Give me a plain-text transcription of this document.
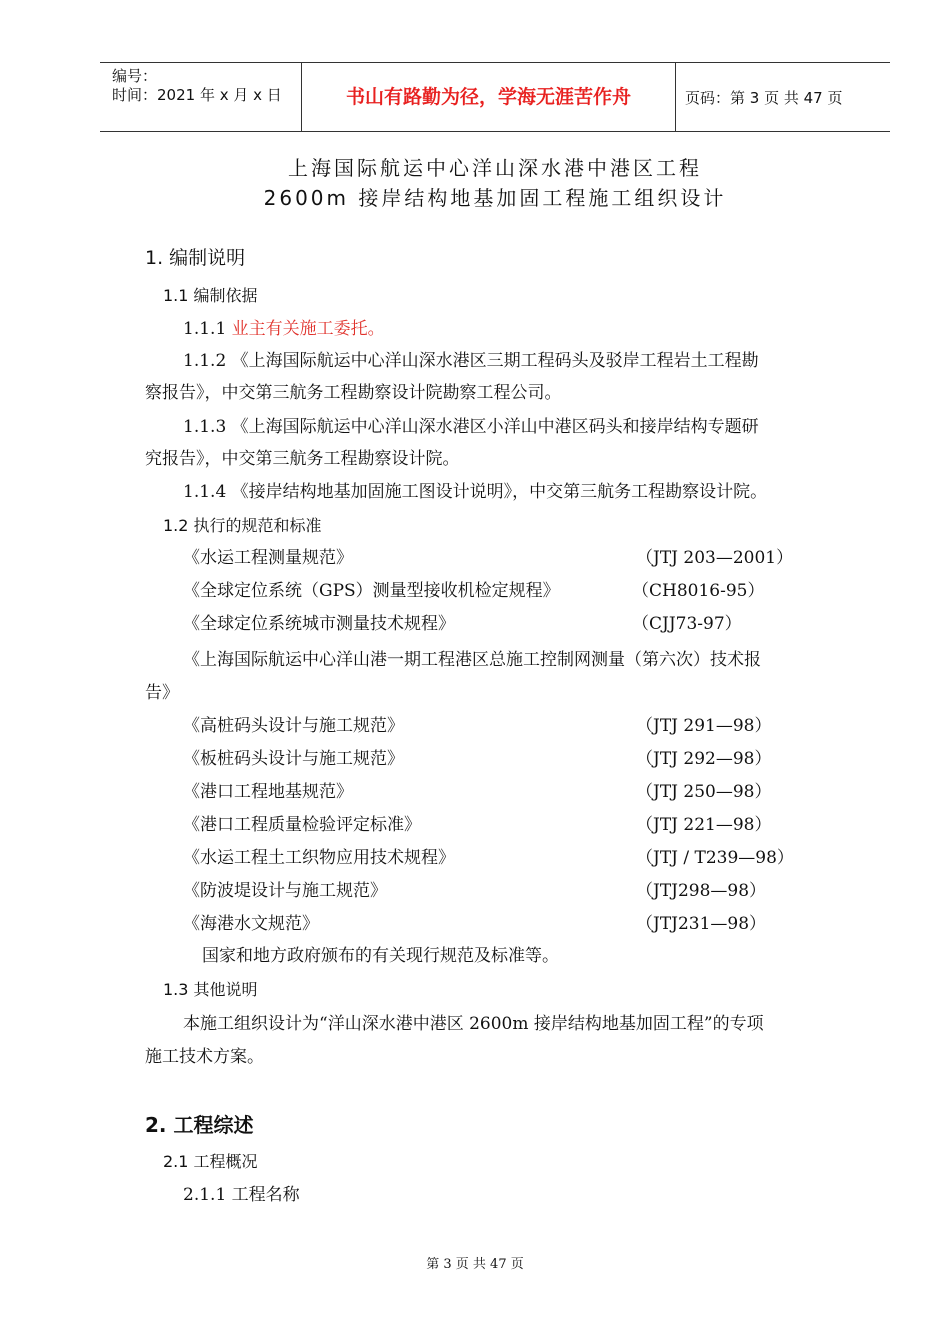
编号：
时间：2021 年 x 月 x 日	书山有路勤为径，学海无涯苦作舟	页码：第 3 页 共 47 页
上海国际航运中心洋山深水港中港区工程
2600m 接岸结构地基加固工程施工组织设计
1. 编制说明
1.1 编制依据
1.1.1 业主有关施工委托。
1.1.2 《上海国际航运中心洋山深水港区三期工程码头及驳岸工程岩土工程勘
察报告》，中交第三航务工程勘察设计院勘察工程公司。
1.1.3 《上海国际航运中心洋山深水港区小洋山中港区码头和接岸结构专题研
究报告》，中交第三航务工程勘察设计院。
1.1.4 《接岸结构地基加固施工图设计说明》，中交第三航务工程勘察设计院。
1.2 执行的规范和标准
《水运工程测量规范》	（JTJ 203—2001）
《全球定位系统（GPS）测量型接收机检定规程》	（CH8016-95）
《全球定位系统城市测量技术规程》	（CJJ73-97）
《上海国际航运中心洋山港一期工程港区总施工控制网测量（第六次）技术报
告》
《高桩码头设计与施工规范》	（JTJ 291—98）
《板桩码头设计与施工规范》	（JTJ 292—98）
《港口工程地基规范》	（JTJ 250—98）
《港口工程质量检验评定标准》	（JTJ 221—98）
《水运工程土工织物应用技术规程》	（JTJ / T239—98）
《防波堤设计与施工规范》	（JTJ298—98）
《海港水文规范》	（JTJ231—98）
国家和地方政府颁布的有关现行规范及标准等。
1.3 其他说明
本施工组织设计为“洋山深水港中港区 2600m 接岸结构地基加固工程”的专项
施工技术方案。
2. 工程综述
2.1 工程概况
2.1.1 工程名称
第 3 页 共 47 页
